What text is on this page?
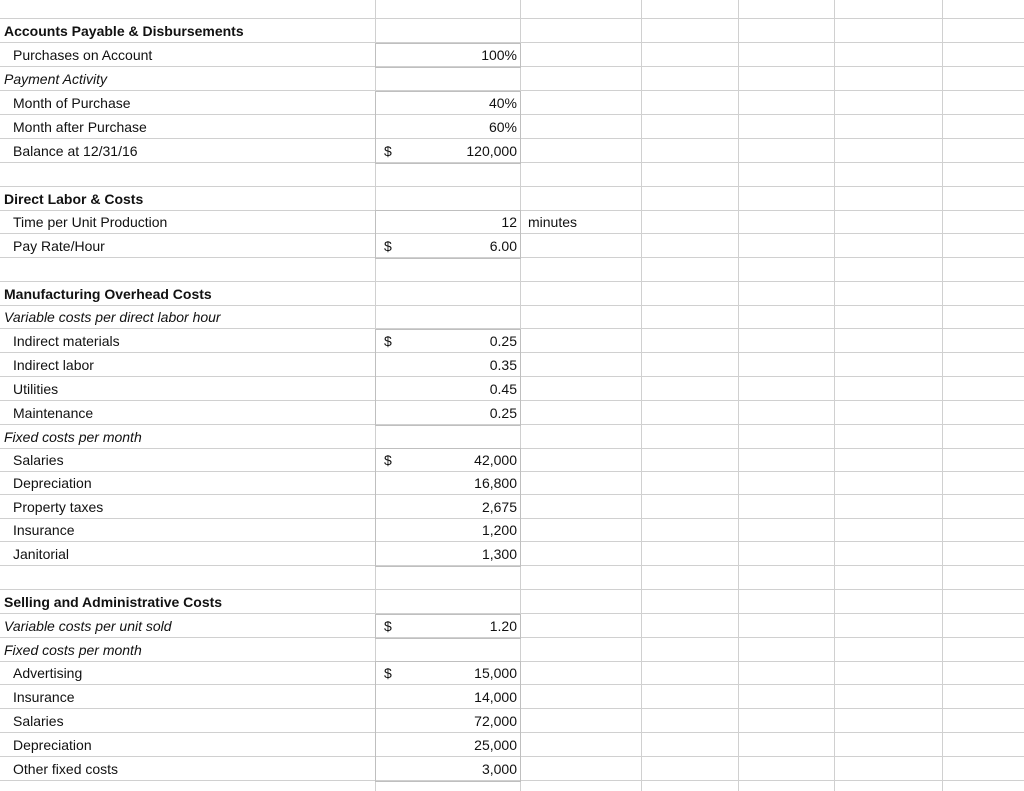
Accounts Payable & Disbursements
Purchases on Account	100%
Payment Activity
Month of Purchase	40%
Month after Purchase	60%
Balance at 12/31/16	$	120,000
Direct Labor & Costs
Time per Unit Production	12 minutes
Pay Rate/Hour	$	6.00
Manufacturing Overhead Costs
Variable costs per direct labor hour
Indirect materials	$	0.25
Indirect labor	0.35
Utilities	0.45
Maintenance	0.25
Fixed costs per month
Salaries	$	42,000
Depreciation	16,800
Property taxes	2,675
Insurance	1,200
Janitorial	1,300
Selling and Administrative Costs
Variable costs per unit sold	$	1.20
Fixed costs per month
Advertising	$	15,000
Insurance	14,000
Salaries	72,000
Depreciation	25,000
Other fixed costs	3,000
